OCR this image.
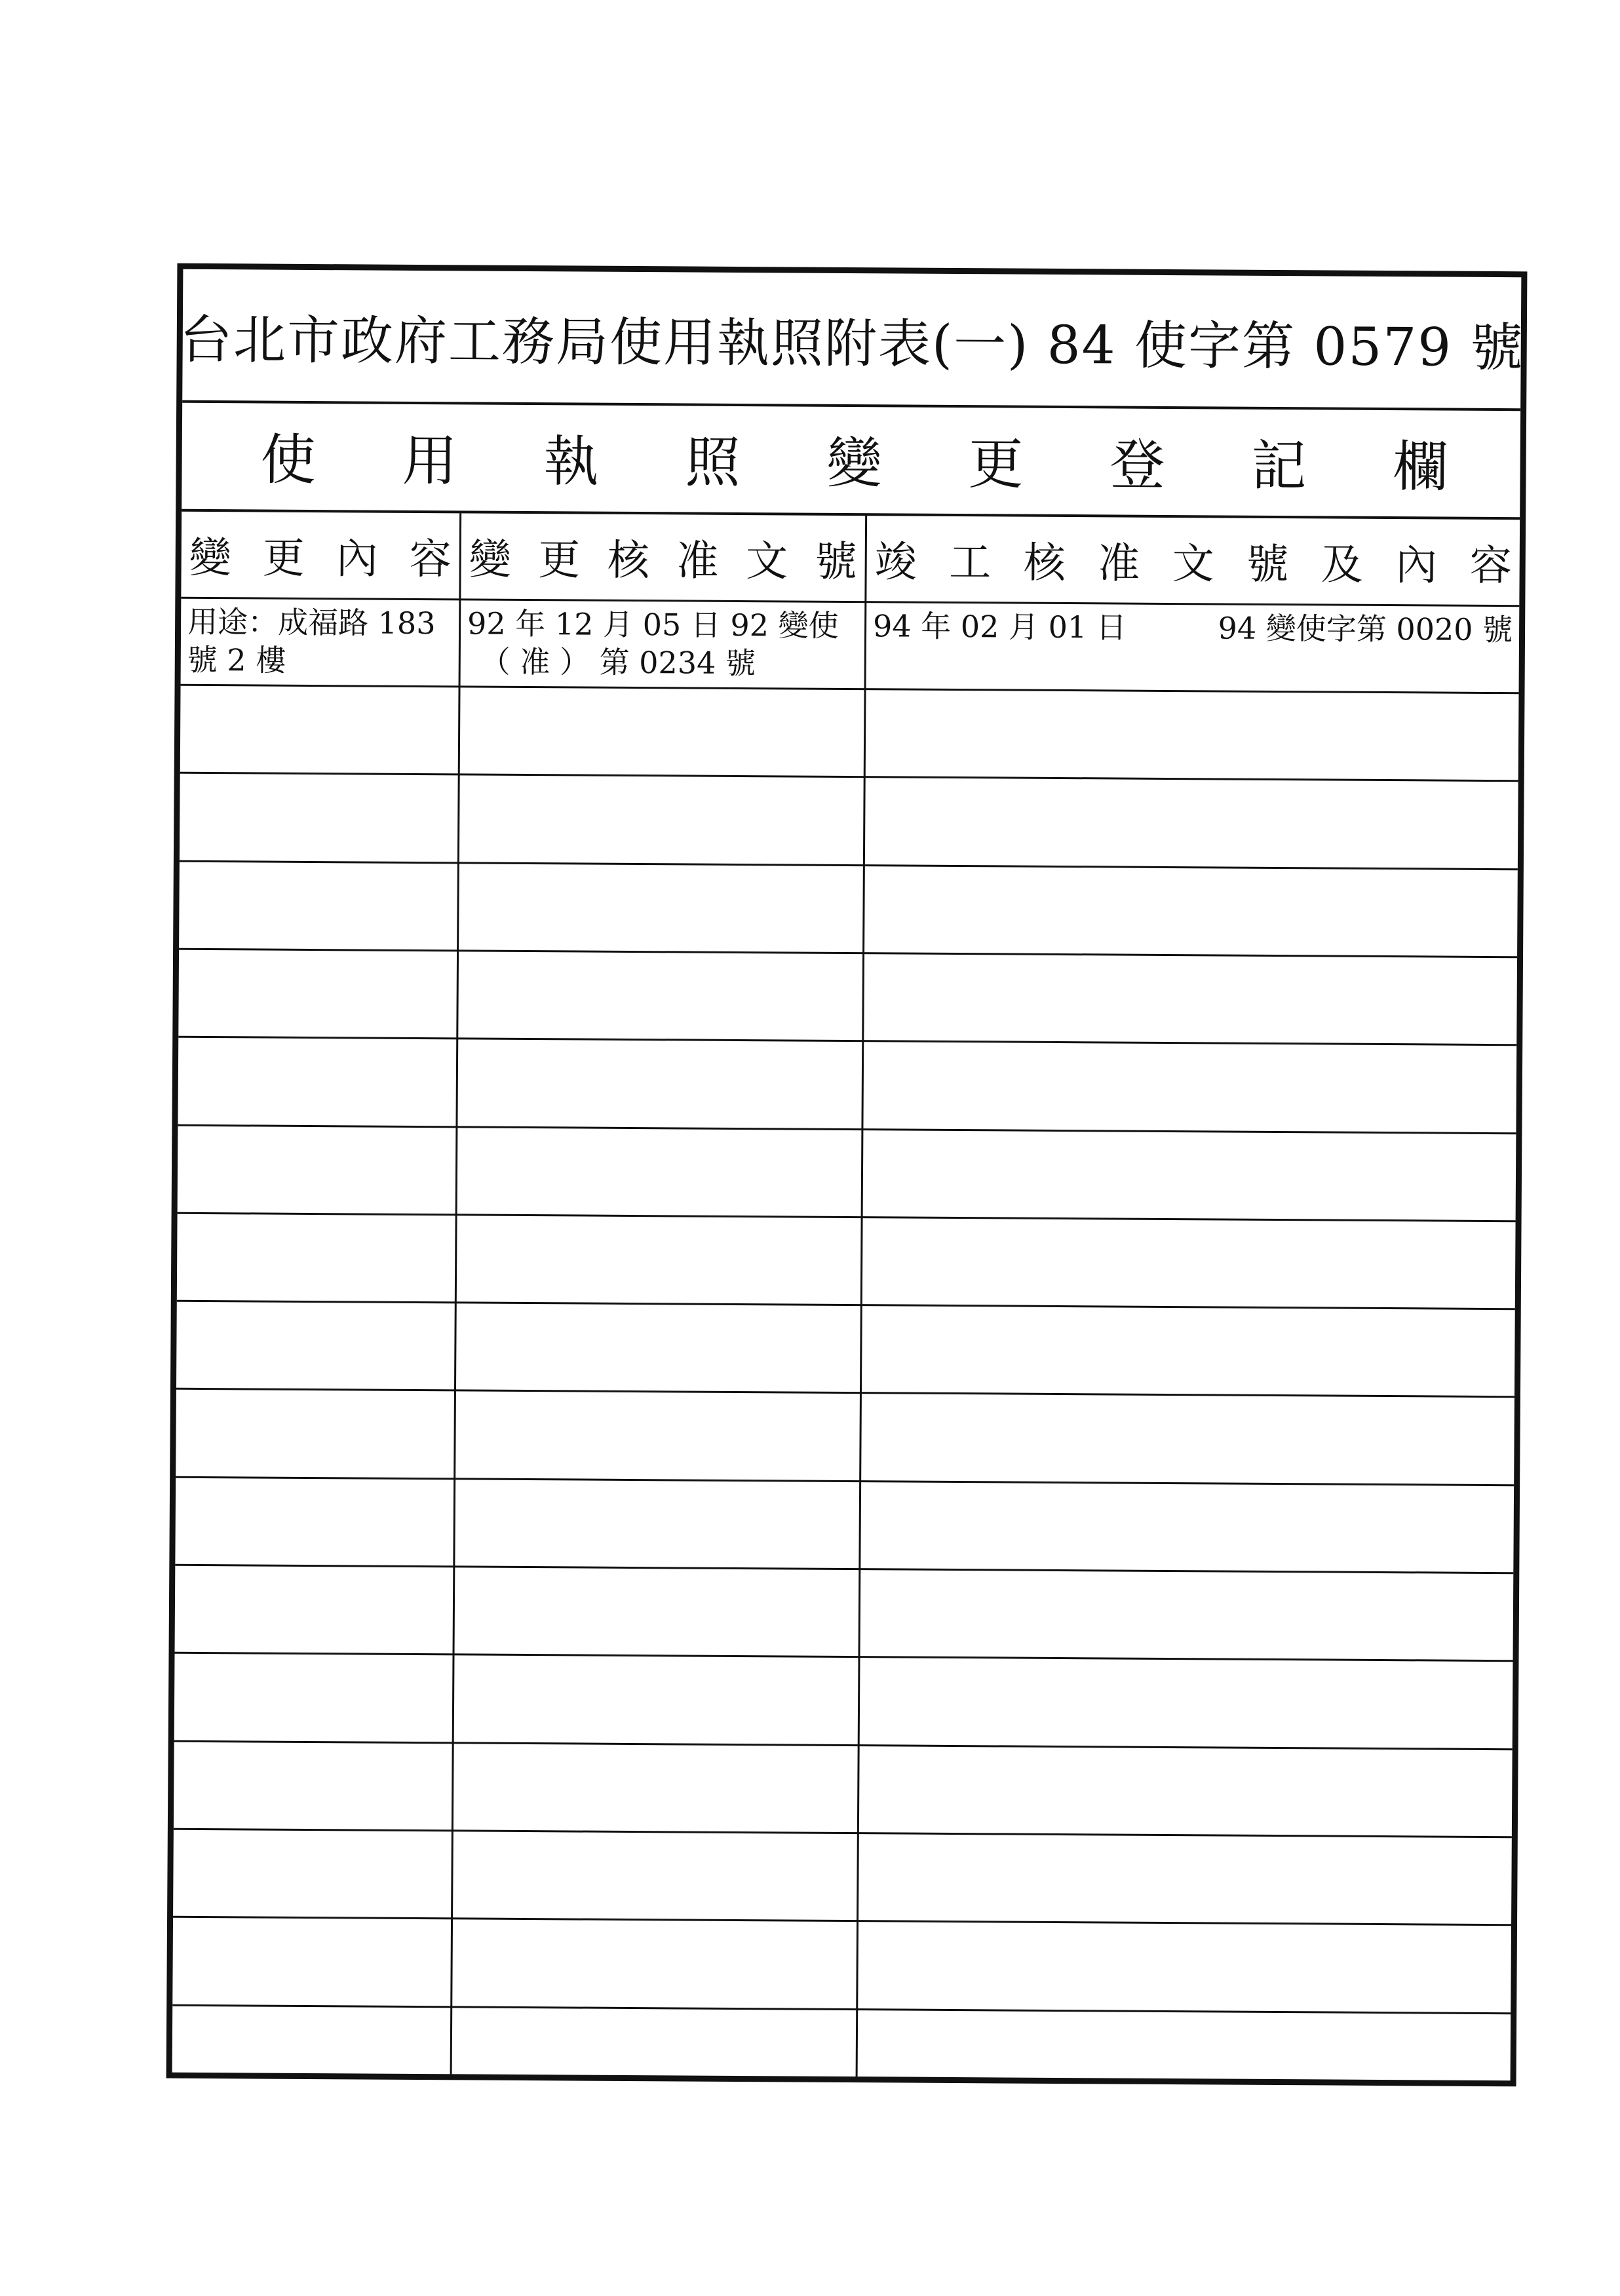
台北市政府工務局使用執照附表(一) 84 使字第 0579 號
使 用 執 照 變 更 登 記 欄
變 更 內 容 變 更 核 准 文 號 竣 工 核 准 文 號 及 內 容
用途：成福路 183
號 2 樓
92 年 12 月 05 日 92 變使
（ 准 ） 第 0234 號
94 年 02 月 01 日	94 變使字第 0020 號
